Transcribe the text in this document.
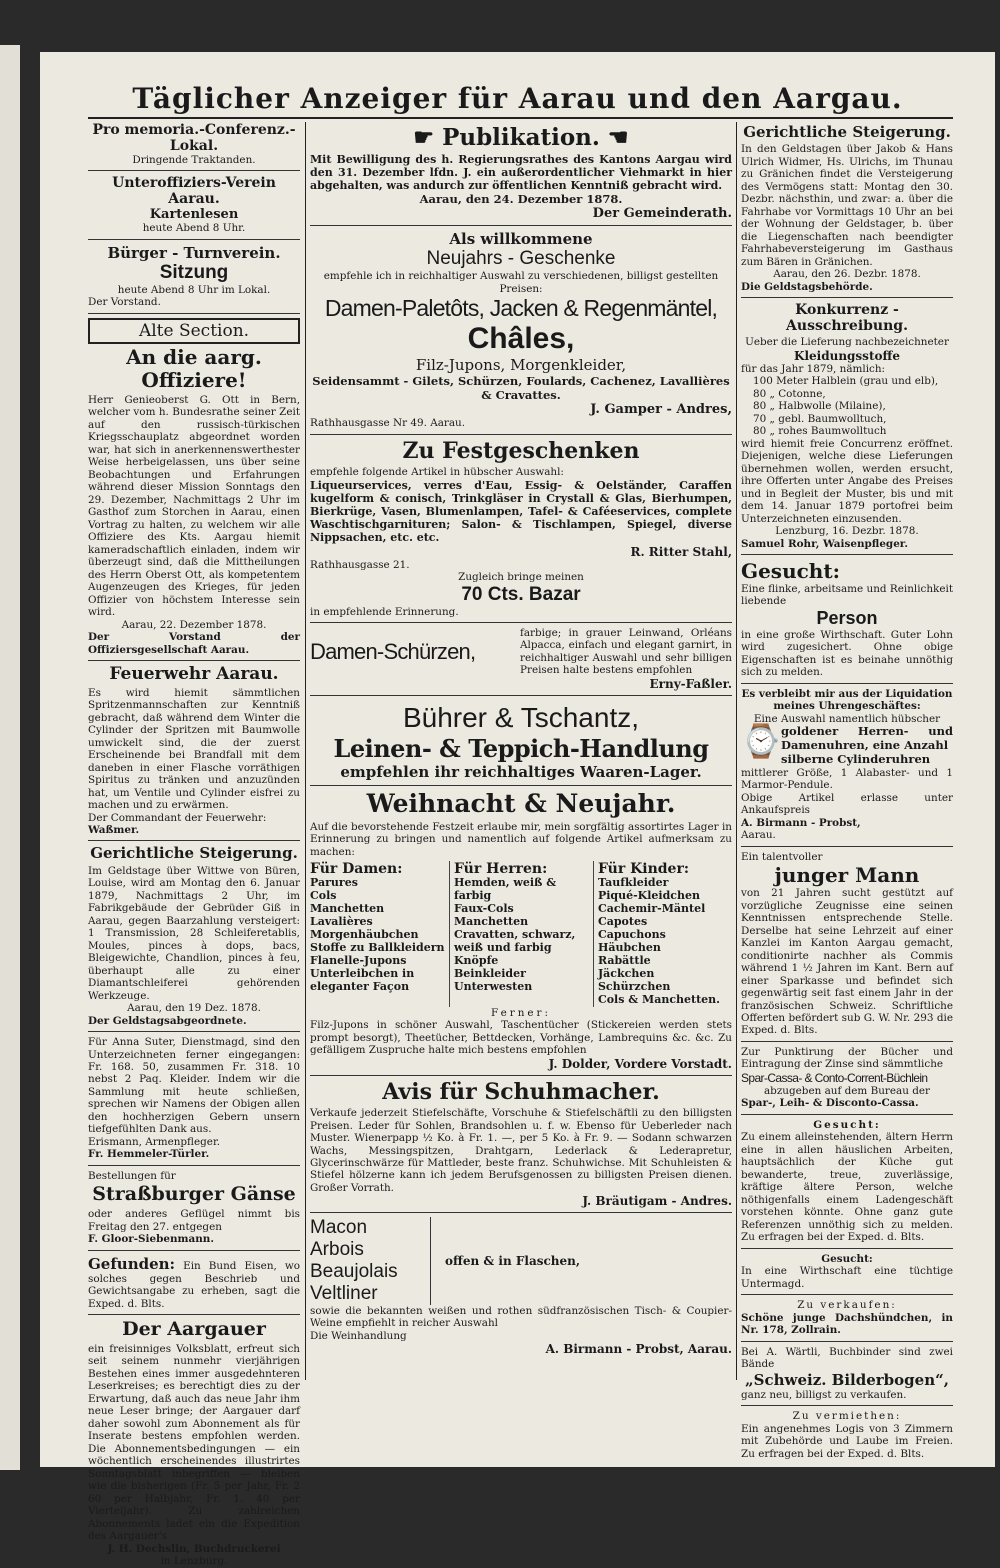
Täglicher Anzeiger für Aarau und den Aargau.
Pro memoria.-Conferenz.-Lokal.
Dringende Traktanden.
Unteroffiziers-Verein Aarau.
Kartenlesen
heute Abend 8 Uhr.
Bürger - Turnverein.
Sitzung
heute Abend 8 Uhr im Lokal.
Der Vorstand.
Alte Section.
An die aarg. Offiziere!
Herr Genieoberst G. Ott in Bern, welcher vom h. Bundesrathe seiner Zeit auf den russisch-türkischen Kriegsschauplatz abgeordnet worden war, hat sich in anerkennenswerthester Weise herbeigelassen, uns über seine Beobachtungen und Erfahrungen während dieser Mission Sonntags den 29. Dezember, Nachmittags 2 Uhr im Gasthof zum Storchen in Aarau, einen Vortrag zu halten, zu welchem wir alle Offiziere des Kts. Aargau hiemit kameradschaftlich einladen, indem wir überzeugt sind, daß die Mittheilungen des Herrn Oberst Ott, als kompetentem Augenzeugen des Krieges, für jeden Offizier von höchstem Interesse sein wird.
Aarau, 22. Dezember 1878.
Der Vorstand der Offiziersgesellschaft Aarau.
Feuerwehr Aarau.
Es wird hiemit sämmtlichen Spritzenmannschaften zur Kenntniß gebracht, daß während dem Winter die Cylinder der Spritzen mit Baumwolle umwickelt sind, die der zuerst Erscheinende bei Brandfall mit dem daneben in einer Flasche vorräthigen Spiritus zu tränken und anzuzünden hat, um Ventile und Cylinder eisfrei zu machen und zu erwärmen.
Der Commandant der Feuerwehr:
Waßmer.
Gerichtliche Steigerung.
Im Geldstage über Wittwe von Büren, Louise, wird am Montag den 6. Januar 1879, Nachmittags 2 Uhr, im Fabrikgebäude der Gebrüder Giß in Aarau, gegen Baarzahlung versteigert: 1 Transmission, 28 Schleiferetablis, Moules, pinces à dops, bacs, Bleigewichte, Chandlion, pinces à feu, überhaupt alle zu einer Diamantschleiferei gehörenden Werkzeuge.
Aarau, den 19 Dez. 1878.
Der Geldstagsabgeordnete.
Für Anna Suter, Dienstmagd, sind den Unterzeichneten ferner eingegangen: Fr. 168. 50, zusammen Fr. 318. 10 nebst 2 Paq. Kleider. Indem wir die Sammlung mit heute schließen, sprechen wir Namens der Obigen allen den hochherzigen Gebern unsern tiefgefühlten Dank aus.
Erismann, Armenpfleger.
Fr. Hemmeler-Türler.
Bestellungen für
Straßburger Gänse
oder anderes Geflügel nimmt bis Freitag den 27. entgegen
F. Gloor-Siebenmann.
Gefunden: Ein Bund Eisen, wo solches gegen Beschrieb und Gewichtsangabe zu erheben, sagt die Exped. d. Blts.
Der Aargauer
ein freisinniges Volksblatt, erfreut sich seit seinem nunmehr vierjährigen Bestehen eines immer ausgedehnteren Leserkreises; es berechtigt dies zu der Erwartung, daß auch das neue Jahr ihm neue Leser bringe; der Aargauer darf daher sowohl zum Abonnement als für Inserate bestens empfohlen werden. Die Abonnementsbedingungen — ein wöchentlich erscheinendes illustrirtes Sonntagsblatt inbegriffen — bleiben wie die bisherigen (Fr. 5 per Jahr, Fr. 2 60 per Halbjahr, Fr. 1. 40 per Vierteljahr). Zu zahlreichen Abonnements ladet ein die Expedition des Aargauer's
J. H. Dechslin, Buchdruckerei
in Lenzburg.
☛ Publikation. ☚
Mit Bewilligung des h. Regierungsrathes des Kantons Aargau wird den 31. Dezember lfdn. J. ein außerordentlicher Viehmarkt in hier abgehalten, was andurch zur öffentlichen Kenntniß gebracht wird.
Aarau, den 24. Dezember 1878.
Der Gemeinderath.
Als willkommene
Neujahrs - Geschenke
empfehle ich in reichhaltiger Auswahl zu verschiedenen, billigst gestellten Preisen:
Damen-Paletôts, Jacken & Regenmäntel,
Châles,
Filz-Jupons, Morgenkleider,
Seidensammt - Gilets, Schürzen, Foulards, Cachenez, Lavallières & Cravattes.
J. Gamper - Andres,
Rathhausgasse Nr 49. Aarau.
Zu Festgeschenken
empfehle folgende Artikel in hübscher Auswahl:
Liqueurservices, verres d'Eau, Essig- & Oelständer, Caraffen kugelform & conisch, Trinkgläser in Crystall & Glas, Bierhumpen, Bierkrüge, Vasen, Blumenlampen, Tafel- & Caféeservices, complete Waschtischgarnituren; Salon- & Tischlampen, Spiegel, diverse Nippsachen, etc. etc.
R. Ritter Stahl,
Rathhausgasse 21.
Zugleich bringe meinen
70 Cts. Bazar
in empfehlende Erinnerung.
Damen-Schürzen,
farbige; in grauer Leinwand, Orléans Alpacca, einfach und elegant garnirt, in reichhaltiger Auswahl und sehr billigen Preisen halte bestens empfohlen
Erny-Faßler.
Bührer & Tschantz,
Leinen- & Teppich-Handlung
empfehlen ihr reichhaltiges Waaren-Lager.
Weihnacht & Neujahr.
Auf die bevorstehende Festzeit erlaube mir, mein sorgfältig assortirtes Lager in Erinnerung zu bringen und namentlich auf folgende Artikel aufmerksam zu machen:
Für Damen:
Parures
Cols
Manchetten
Lavalières
Morgenhäubchen
Stoffe zu Ballkleidern
Flanelle-Jupons
Unterleibchen in eleganter Façon
Für Herren:
Hemden, weiß & farbig
Faux-Cols
Manchetten
Cravatten, schwarz, weiß und farbig
Knöpfe
Beinkleider
Unterwesten
Für Kinder:
Taufkleider
Piqué-Kleidchen
Cachemir-Mäntel
Capotes
Capuchons
Häubchen
Rabättle
Jäckchen
Schürzchen
Cols & Manchetten.
Ferner:
Filz-Jupons in schöner Auswahl, Taschentücher (Stickereien werden stets prompt besorgt), Theetücher, Bettdecken, Vorhänge, Lambrequins &c. &c. Zu gefälligem Zuspruche halte mich bestens empfohlen
J. Dolder, Vordere Vorstadt.
Avis für Schuhmacher.
Verkaufe jederzeit Stiefelschäfte, Vorschuhe & Stiefelschäftli zu den billigsten Preisen. Leder für Sohlen, Brandsohlen u. f. w. Ebenso für Ueberleder nach Muster. Wienerpapp ½ Ko. à Fr. 1. —, per 5 Ko. à Fr. 9. — Sodann schwarzen Wachs, Messingspitzen, Drahtgarn, Lederlack & Lederapretur, Glycerinschwärze für Mattleder, beste franz. Schuhwichse. Mit Schuhleisten & Stiefel hölzerne kann ich jedem Berufsgenossen zu billigsten Preisen dienen. Großer Vorrath.
J. Bräutigam - Andres.
Macon
Arbois
Beaujolais
Veltliner
offen & in Flaschen,
sowie die bekannten weißen und rothen südfranzösischen Tisch- & Coupier-Weine empfiehlt in reicher Auswahl
Die Weinhandlung
A. Birmann - Probst, Aarau.
Gerichtliche Steigerung.
In den Geldstagen über Jakob & Hans Ulrich Widmer, Hs. Ulrichs, im Thunau zu Gränichen findet die Versteigerung des Vermögens statt: Montag den 30. Dezbr. nächsthin, und zwar: a. über die Fahrhabe vor Vormittags 10 Uhr an bei der Wohnung der Geldstager, b. über die Liegenschaften nach beendigter Fahrhabeversteigerung im Gasthaus zum Bären in Gränichen.
Aarau, den 26. Dezbr. 1878.
Die Geldstagsbehörde.
Konkurrenz - Ausschreibung.
Ueber die Lieferung nachbezeichneter
Kleidungsstoffe
für das Jahr 1879, nämlich:
100 Meter Halblein (grau und elb),
80 „ Cotonne,
80 „ Halbwolle (Milaine),
70 „ gebl. Baumwolltuch,
80 „ rohes Baumwolltuch
wird hiemit freie Concurrenz eröffnet. Diejenigen, welche diese Lieferungen übernehmen wollen, werden ersucht, ihre Offerten unter Angabe des Preises und in Begleit der Muster, bis und mit dem 14. Januar 1879 portofrei beim Unterzeichneten einzusenden.
Lenzburg, 16. Dezbr. 1878.
Samuel Rohr, Waisenpfleger.
Gesucht:
Eine flinke, arbeitsame und Reinlichkeit liebende
Person
in eine große Wirthschaft. Guter Lohn wird zugesichert. Ohne obige Eigenschaften ist es beinahe unnöthig sich zu melden.
Es verbleibt mir aus der Liquidation meines Uhrengeschäftes:
Eine Auswahl namentlich hübscher
⌚ goldener Herren- und Damenuhren, eine Anzahl
silberne Cylinderuhren
mittlerer Größe, 1 Alabaster- und 1 Marmor-Pendule.
Obige Artikel erlasse unter Ankaufspreis
A. Birmann - Probst,
Aarau.
Ein talentvoller
junger Mann
von 21 Jahren sucht gestützt auf vorzügliche Zeugnisse eine seinen Kenntnissen entsprechende Stelle. Derselbe hat seine Lehrzeit auf einer Kanzlei im Kanton Aargau gemacht, conditionirte nachher als Commis während 1 ½ Jahren im Kant. Bern auf einer Sparkasse und befindet sich gegenwärtig seit fast einem Jahr in der französischen Schweiz. Schriftliche Offerten befördert sub G. W. Nr. 293 die Exped. d. Blts.
Zur Punktirung der Bücher und Eintragung der Zinse sind sämmtliche
Spar-Cassa- & Conto-Corrent-Büchlein
abzugeben auf dem Bureau der
Spar-, Leih- & Disconto-Cassa.
Gesucht:
Zu einem alleinstehenden, ältern Herrn eine in allen häuslichen Arbeiten, hauptsächlich der Küche gut bewanderte, treue, zuverlässige, kräftige ältere Person, welche nöthigenfalls einem Ladengeschäft vorstehen könnte. Ohne ganz gute Referenzen unnöthig sich zu melden. Zu erfragen bei der Exped. d. Blts.
Gesucht:
In eine Wirthschaft eine tüchtige Untermagd.
Zu verkaufen:
Schöne junge Dachshündchen, in Nr. 178, Zollrain.
Bei A. Wärtli, Buchbinder sind zwei Bände
„Schweiz. Bilderbogen“,
ganz neu, billigst zu verkaufen.
Zu vermiethen:
Ein angenehmes Logis von 3 Zimmern mit Zubehörde und Laube im Freien. Zu erfragen bei der Exped. d. Blts.
